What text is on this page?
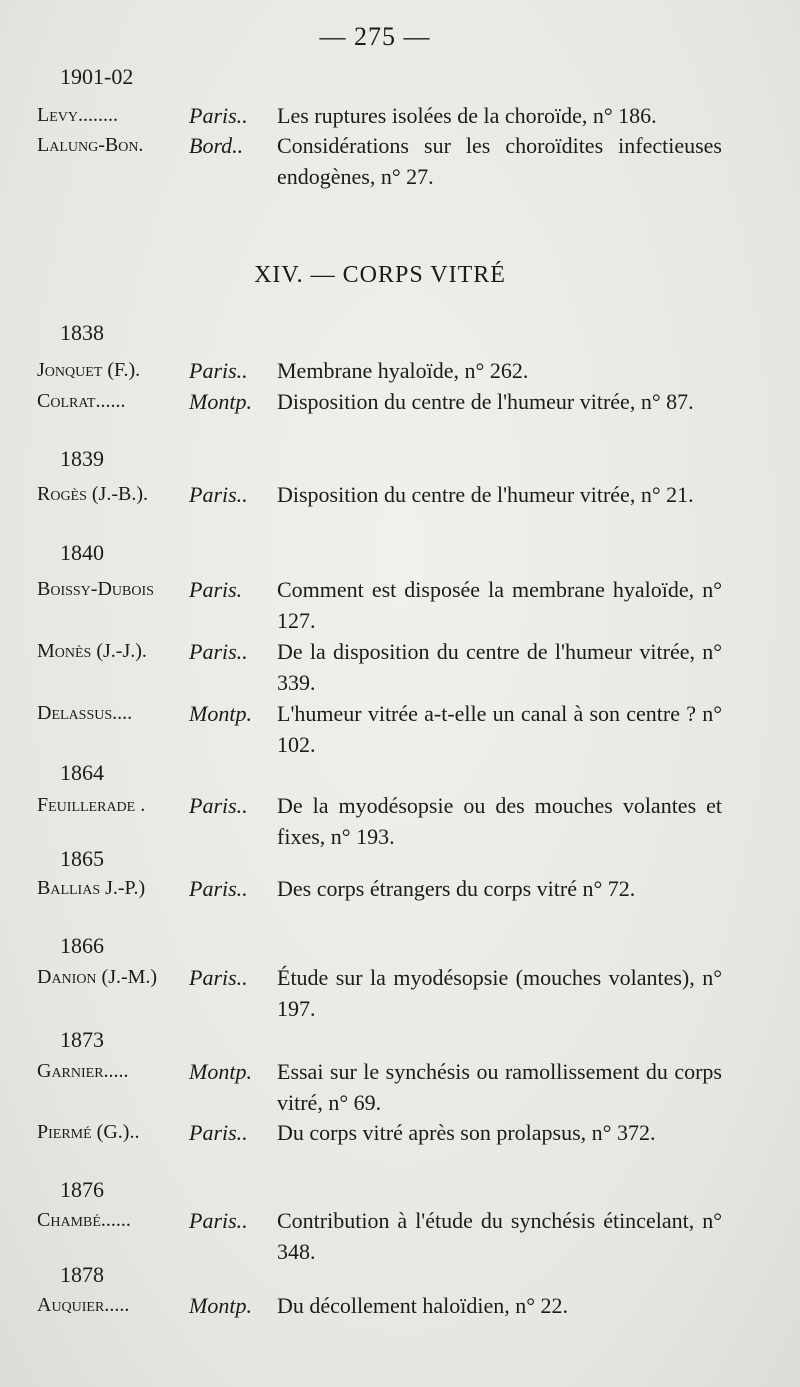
— 275 —
1901-02
Levy........	Paris..	Les ruptures isolées de la choroïde, n° 186.
Lalung-Bon.	Bord..	Considérations sur les choroïdites infectieuses endogènes, n° 27.
XIV. — CORPS VITRÉ
1838
Jonquet (F.).	Paris..	Membrane hyaloïde, n° 262.
Colrat......	Montp.	Disposition du centre de l'humeur vitrée, n° 87.
1839
Rogès (J.-B.).	Paris..	Disposition du centre de l'humeur vitrée, n° 21.
1840
Boissy-Dubois	Paris.	Comment est disposée la membrane hyaloïde, n° 127.
Monès (J.-J.).	Paris..	De la disposition du centre de l'humeur vitrée, n° 339.
Delassus....	Montp.	L'humeur vitrée a-t-elle un canal à son centre ? n° 102.
1864
Feuillerade .	Paris..	De la myodésopsie ou des mouches volantes et fixes, n° 193.
1865
Ballias J.-P.)	Paris..	Des corps étrangers du corps vitré n° 72.
1866
Danion (J.-M.)	Paris..	Étude sur la myodésopsie (mouches volantes), n° 197.
1873
Garnier.....	Montp.	Essai sur le synchésis ou ramollissement du corps vitré, n° 69.
Piermé (G.)..	Paris..	Du corps vitré après son prolapsus, n° 372.
1876
Chambé......	Paris..	Contribution à l'étude du synchésis étincelant, n° 348.
1878
Auquier.....	Montp.	Du décollement haloïdien, n° 22.
